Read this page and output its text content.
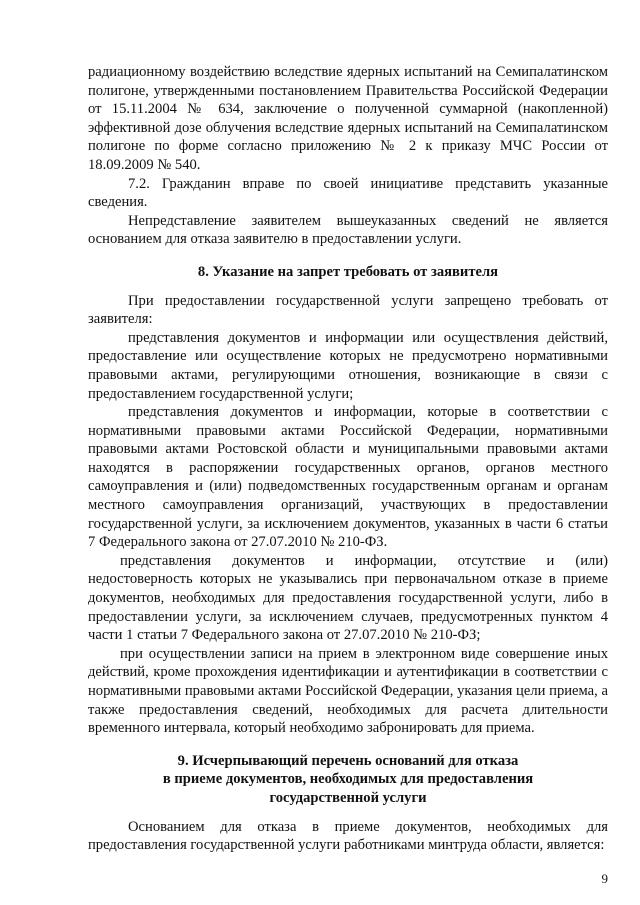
радиационному воздействию вследствие ядерных испытаний на Семипалатинском полигоне, утвержденными постановлением Правительства Российской Федерации от 15.11.2004 № 634, заключение о полученной суммарной (накопленной) эффективной дозе облучения вследствие ядерных испытаний на Семипалатинском полигоне по форме согласно приложению № 2 к приказу МЧС России от 18.09.2009 № 540.

7.2. Гражданин вправе по своей инициативе представить указанные сведения.

Непредставление заявителем вышеуказанных сведений не является основанием для отказа заявителю в предоставлении услуги.

8. Указание на запрет требовать от заявителя

При предоставлении государственной услуги запрещено требовать от заявителя:

представления документов и информации или осуществления действий, предоставление или осуществление которых не предусмотрено нормативными правовыми актами, регулирующими отношения, возникающие в связи с предоставлением государственной услуги;

представления документов и информации, которые в соответствии с нормативными правовыми актами Российской Федерации, нормативными правовыми актами Ростовской области и муниципальными правовыми актами находятся в распоряжении государственных органов, органов местного самоуправления и (или) подведомственных государственным органам и органам местного самоуправления организаций, участвующих в предоставлении государственной услуги, за исключением документов, указанных в части 6 статьи 7 Федерального закона от 27.07.2010 № 210-ФЗ.

представления документов и информации, отсутствие и (или) недостоверность которых не указывались при первоначальном отказе в приеме документов, необходимых для предоставления государственной услуги, либо в предоставлении услуги, за исключением случаев, предусмотренных пунктом 4 части 1 статьи 7 Федерального закона от 27.07.2010 № 210-ФЗ;

при осуществлении записи на прием в электронном виде совершение иных действий, кроме прохождения идентификации и аутентификации в соответствии с нормативными правовыми актами Российской Федерации, указания цели приема, а также предоставления сведений, необходимых для расчета длительности временного интервала, который необходимо забронировать для приема.

9. Исчерпывающий перечень оснований для отказа
в приеме документов, необходимых для предоставления
государственной услуги

Основанием для отказа в приеме документов, необходимых для предоставления государственной услуги работниками минтруда области, является:

9
